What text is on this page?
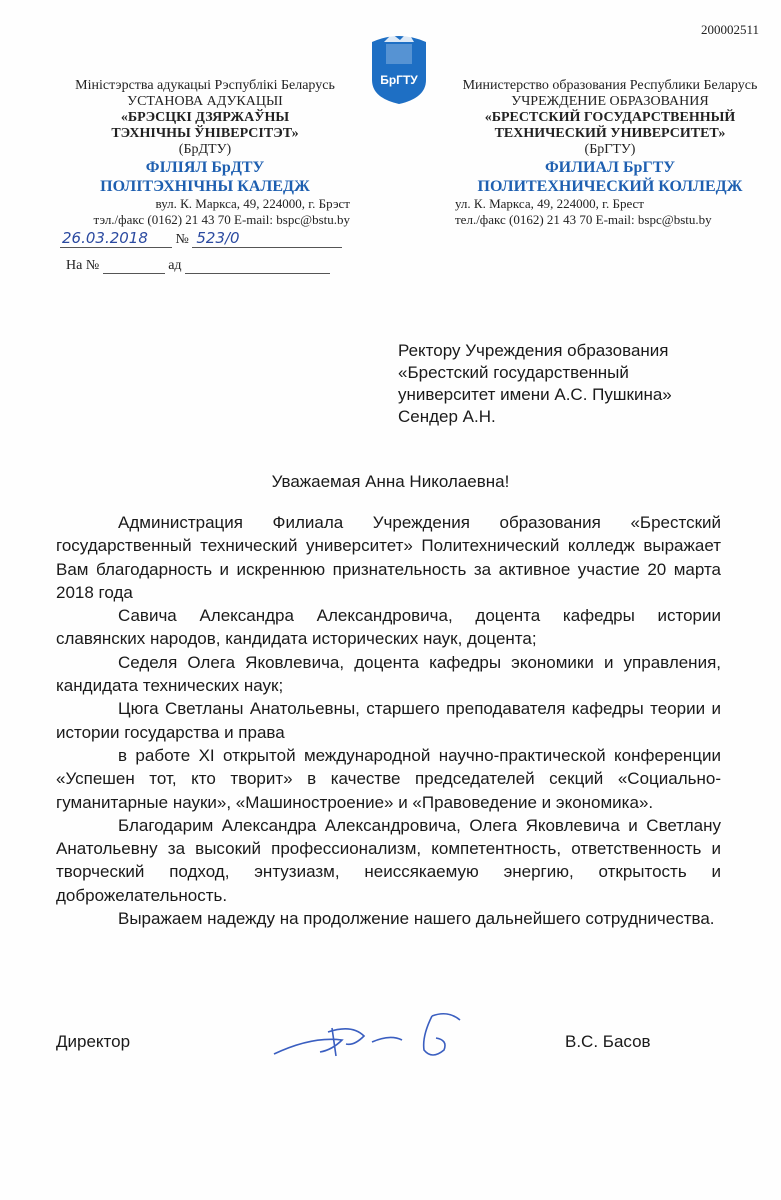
200002511
БрГТУ
Міністэрства адукацыі Рэспублікі Беларусь
УСТАНОВА АДУКАЦЫІ
«БРЭСЦКІ ДЗЯРЖАЎНЫ
ТЭХНІЧНЫ ЎНІВЕРСІТЭТ»
(БрДТУ)
ФІЛІЯЛ БрДТУ
ПОЛІТЭХНІЧНЫ КАЛЕДЖ
вул. К. Маркса, 49, 224000, г. Брэст
тэл./факс (0162) 21 43 70 E-mail: bspc@bstu.by
Министерство образования Республики Беларусь
УЧРЕЖДЕНИЕ ОБРАЗОВАНИЯ
«БРЕСТСКИЙ ГОСУДАРСТВЕННЫЙ
ТЕХНИЧЕСКИЙ УНИВЕРСИТЕТ»
(БрГТУ)
ФИЛИАЛ БрГТУ
ПОЛИТЕХНИЧЕСКИЙ КОЛЛЕДЖ
ул. К. Маркса, 49, 224000, г. Брест
тел./факс (0162) 21 43 70 E-mail: bspc@bstu.by
26.03.2018 № 523/0
На №	ад
Ректору Учреждения образования
«Брестский государственный
университет имени А.С. Пушкина»
Сендер А.Н.
Уважаемая Анна Николаевна!

Администрация Филиала Учреждения образования «Брестский государственный технический университет» Политехнический колледж выражает Вам благодарность и искреннюю признательность за активное участие 20 марта 2018 года

Савича Александра Александровича, доцента кафедры истории славянских народов, кандидата исторических наук, доцента;

Седеля Олега Яковлевича, доцента кафедры экономики и управления, кандидата технических наук;

Цюга Светланы Анатольевны, старшего преподавателя кафедры теории и истории государства и права

в работе XI открытой международной научно-практической конференции «Успешен тот, кто творит» в качестве председателей секций «Социально-гуманитарные науки», «Машиностроение» и «Правоведение и экономика».

Благодарим Александра Александровича, Олега Яковлевича и Светлану Анатольевну за высокий профессионализм, компетентность, ответственность и творческий подход, энтузиазм, неиссякаемую энергию, открытость и доброжелательность.

Выражаем надежду на продолжение нашего дальнейшего сотрудничества.

Директор	В.С. Басов
